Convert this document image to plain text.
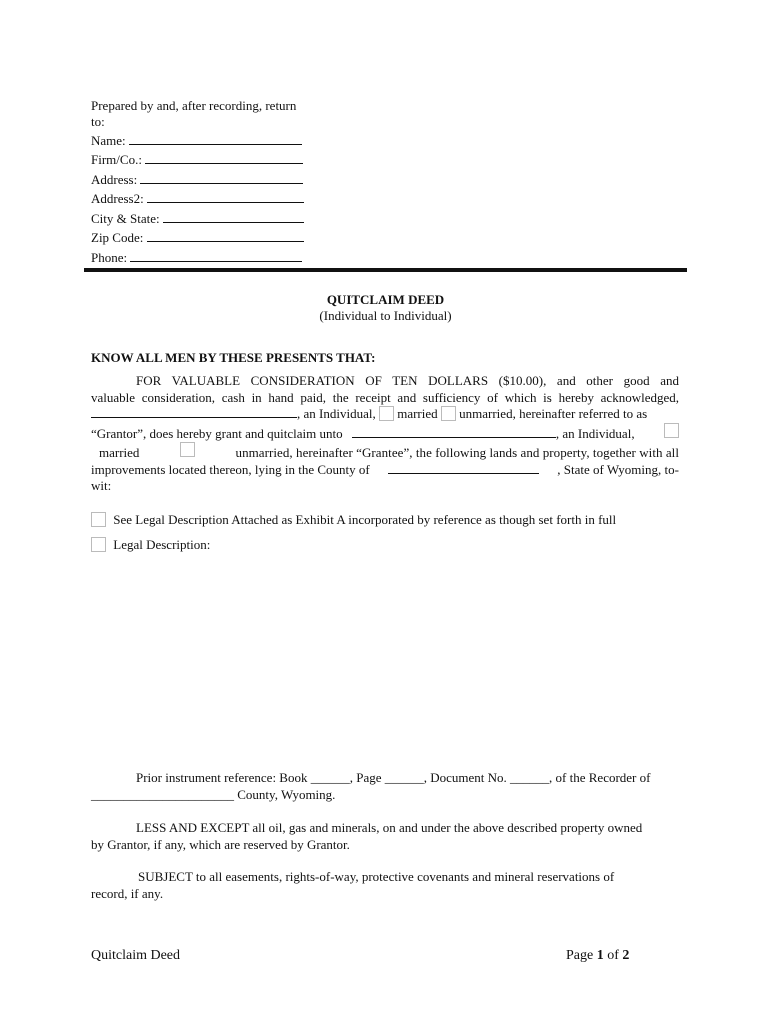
Prepared by and, after recording, return to:
Name:
Firm/Co.:
Address:
Address2:
City & State:
Zip Code:
Phone:
QUITCLAIM DEED
(Individual to Individual)
KNOW ALL MEN BY THESE PRESENTS THAT:
FOR VALUABLE CONSIDERATION OF TEN DOLLARS ($10.00), and other good and
valuable consideration, cash in hand paid, the receipt and sufficiency of which is hereby acknowledged,
, an Individual, married unmarried, hereinafter referred to as
“Grantor”, does hereby grant and quitclaim unto	, an Individual,
married	unmarried, hereinafter “Grantee”, the following lands and property, together with all
improvements located thereon, lying in the County of	, State of Wyoming, to-
wit:
See Legal Description Attached as Exhibit A incorporated by reference as though set forth in full
Legal Description:
Prior instrument reference: Book ______, Page ______, Document No. ______, of the Recorder of
______________________ County, Wyoming.
LESS AND EXCEPT all oil, gas and minerals, on and under the above described property owned
by Grantor, if any, which are reserved by Grantor.
SUBJECT to all easements, rights-of-way, protective covenants and mineral reservations of
record, if any.
Quitclaim Deed	Page 1 of 2
